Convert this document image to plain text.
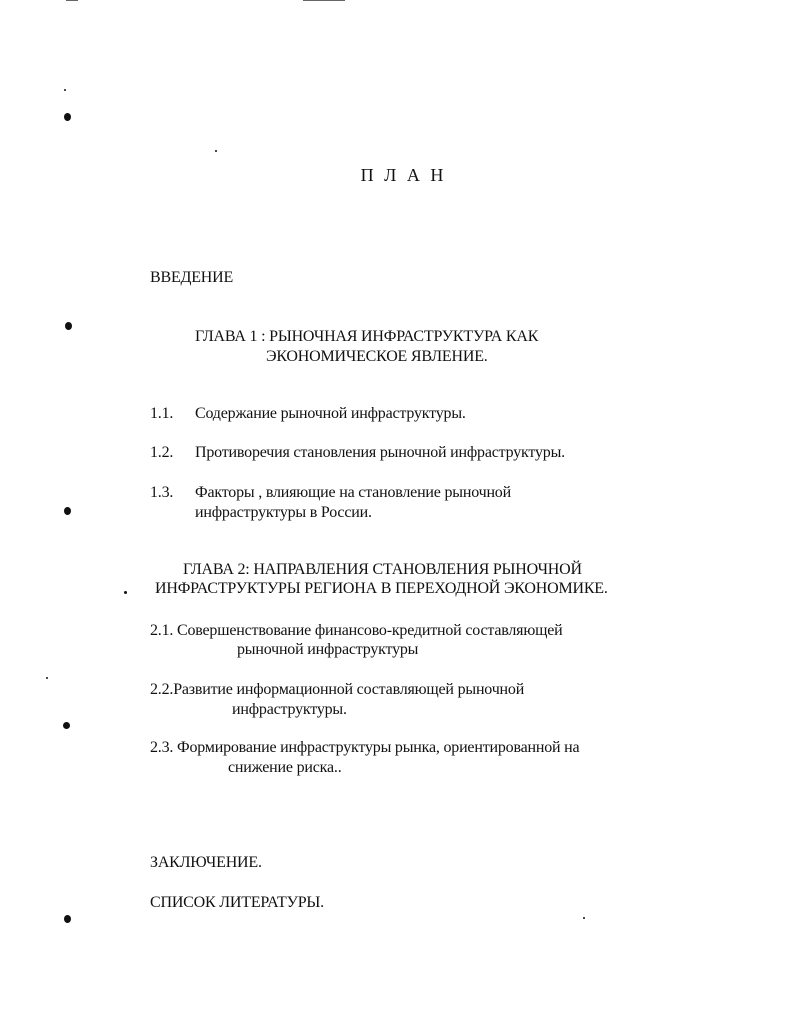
П Л А Н
ВВЕДЕНИЕ
ГЛАВА 1 : РЫНОЧНАЯ ИНФРАСТРУКТУРА КАК
ЭКОНОМИЧЕСКОЕ ЯВЛЕНИЕ.
1.1. Содержание рыночной инфраструктуры.
1.2. Противоречия становления рыночной инфраструктуры.
1.3. Факторы , влияющие на становление рыночной
инфраструктуры в России.
ГЛАВА 2: НАПРАВЛЕНИЯ СТАНОВЛЕНИЯ РЫНОЧНОЙ
ИНФРАСТРУКТУРЫ РЕГИОНА В ПЕРЕХОДНОЙ ЭКОНОМИКЕ.
2.1. Совершенствование финансово-кредитной составляющей
рыночной инфраструктуры
2.2.Развитие информационной составляющей рыночной
инфраструктуры.
2.3. Формирование инфраструктуры рынка, ориентированной на
снижение риска..
ЗАКЛЮЧЕНИЕ.
СПИСОК ЛИТЕРАТУРЫ.
